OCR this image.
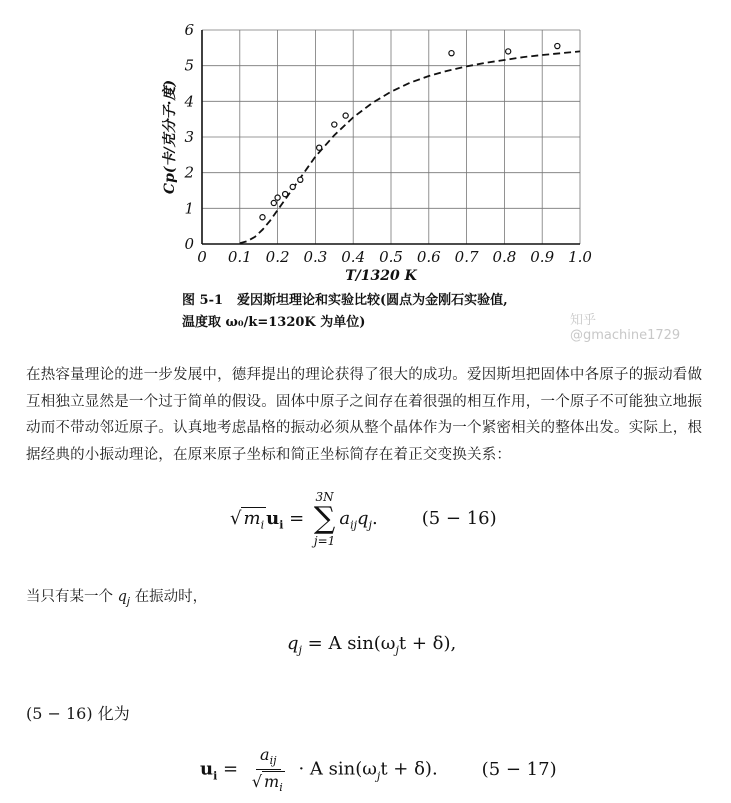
0 0.1 0.2 0.3 0.4 0.5 0.6 0.7 0.8 0.9 1.0
0
1
2
3
4
5
6
T/1320 K
Cp(卡/克分子·度)
图 5-1 爱因斯坦理论和实验比较(圆点为金刚石实验值,
温度取 ω₀/k=1320K 为单位)	知乎 @gmachine1729
在热容量理论的进一步发展中，德拜提出的理论获得了很大的成功。爱因斯坦把固体中各原子的振动看做互相独立显然是一个过于简单的假设。固体中原子之间存在着很强的相互作用，一个原子不可能独立地振动而不带动邻近原子。认真地考虑晶格的振动必须从整个晶体作为一个紧密相关的整体出发。实际上，根据经典的小振动理论，在原来原子坐标和简正坐标简存在着正交变换关系：
√ $m_i$ $u_i$ =
3N
∑
j=1
$a_{ij}q_j$. (5 − 16)
当只有某一个 $q_j$ 在振动时，
$q_j = A$ $\sin(\omega_jt + \delta)$,
(5 − 16) 化为
$u_i = \frac{a_{ij}}{√ m_i} \cdot A$ $\sin(\omega_jt + \delta)$. (5 − 17)
